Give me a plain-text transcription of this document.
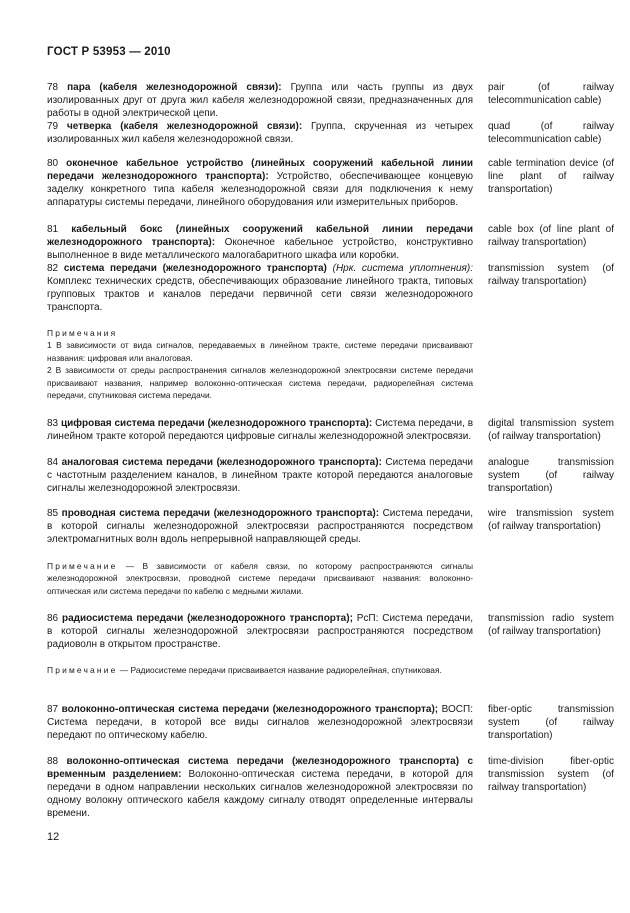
ГОСТ Р 53953 — 2010
78 пара (кабеля железнодорожной связи): Группа или часть группы из двух изолированных друг от друга жил кабеля железнодорожной связи, предназначенных для работы в одной электрической цепи.
pair (of railway telecommunication cable)
79 четверка (кабеля железнодорожной связи): Группа, скрученная из четырех изолированных жил кабеля железнодорожной связи.
quad (of railway telecommunication cable)
80 оконечное кабельное устройство (линейных сооружений кабельной линии передачи железнодорожного транспорта): Устройство, обеспечивающее концевую заделку конкретного типа кабеля железнодорожной связи для подключения к нему аппаратуры системы передачи, линейного оборудования или измерительных приборов.
cable termination device (of line plant of railway transportation)
81 кабельный бокс (линейных сооружений кабельной линии передачи железнодорожного транспорта): Оконечное кабельное устройство, конструктивно выполненное в виде металлического малогабаритного шкафа или коробки.
cable box (of line plant of railway transportation)
82 система передачи (железнодорожного транспорта) (Нрк. система уплотнения): Комплекс технических средств, обеспечивающих образование линейного тракта, типовых групповых трактов и каналов передачи первичной сети связи железнодорожного транспорта.
transmission system (of railway transportation)
Примечания
1 В зависимости от вида сигналов, передаваемых в линейном тракте, системе передачи присваивают названия: цифровая или аналоговая.
2 В зависимости от среды распространения сигналов железнодорожной электросвязи системе передачи присваивают названия, например волоконно-оптическая система передачи, радиорелейная система передачи, спутниковая система передачи.
83 цифровая система передачи (железнодорожного транспорта): Система передачи, в линейном тракте которой передаются цифровые сигналы железнодорожной электросвязи.
digital transmission system (of railway transportation)
84 аналоговая система передачи (железнодорожного транспорта): Система передачи с частотным разделением каналов, в линейном тракте которой передаются аналоговые сигналы железнодорожной электросвязи.
analogue transmission system (of railway transportation)
85 проводная система передачи (железнодорожного транспорта): Система передачи, в которой сигналы железнодорожной электросвязи распространяются посредством электромагнитных волн вдоль непрерывной направляющей среды.
wire transmission system (of railway transportation)
Примечание — В зависимости от кабеля связи, по которому распространяются сигналы железнодорожной электросвязи, проводной системе передачи присваивают названия: волоконно-оптическая или система передачи по кабелю с медными жилами.
86 радиосистема передачи (железнодорожного транспорта); РсП: Система передачи, в которой сигналы железнодорожной электросвязи распространяются посредством радиоволн в открытом пространстве.
transmission radio system (of railway transportation)
Примечание — Радиосистеме передачи присваивается название радиорелейная, спутниковая.
87 волоконно-оптическая система передачи (железнодорожного транспорта); ВОСП: Система передачи, в которой все виды сигналов железнодорожной электросвязи передают по оптическому кабелю.
fiber-optic transmission system (of railway transportation)
88 волоконно-оптическая система передачи (железнодорожного транспорта) с временным разделением: Волоконно-оптическая система передачи, в которой для передачи в одном направлении нескольких сигналов железнодорожной электросвязи по одному волокну оптического кабеля каждому сигналу отводят определенные интервалы времени.
time-division fiber-optic transmission system (of railway transportation)
12
